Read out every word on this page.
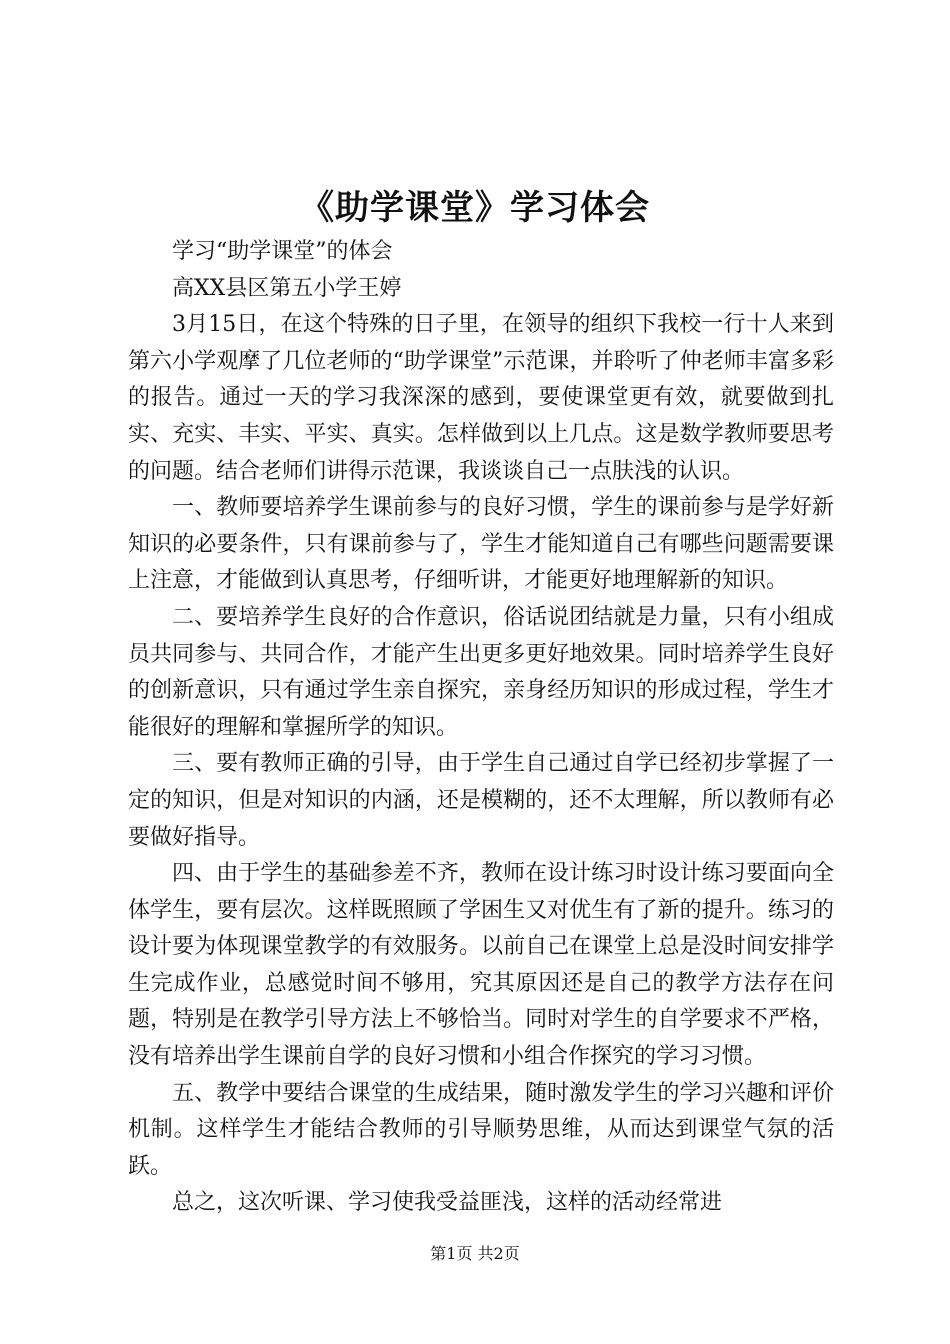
《助学课堂》学习体会

学习“助学课堂”的体会

高XX县区第五小学王婷

3月15日，在这个特殊的日子里，在领导的组织下我校一行十人来到第六小学观摩了几位老师的“助学课堂”示范课，并聆听了仲老师丰富多彩的报告。通过一天的学习我深深的感到，要使课堂更有效，就要做到扎实、充实、丰实、平实、真实。怎样做到以上几点。这是数学教师要思考的问题。结合老师们讲得示范课，我谈谈自己一点肤浅的认识。

一、教师要培养学生课前参与的良好习惯，学生的课前参与是学好新知识的必要条件，只有课前参与了，学生才能知道自己有哪些问题需要课上注意，才能做到认真思考，仔细听讲，才能更好地理解新的知识。

二、要培养学生良好的合作意识，俗话说团结就是力量，只有小组成员共同参与、共同合作，才能产生出更多更好地效果。同时培养学生良好的创新意识，只有通过学生亲自探究，亲身经历知识的形成过程，学生才能很好的理解和掌握所学的知识。

三、要有教师正确的引导，由于学生自己通过自学已经初步掌握了一定的知识，但是对知识的内涵，还是模糊的，还不太理解，所以教师有必要做好指导。

四、由于学生的基础参差不齐，教师在设计练习时设计练习要面向全体学生，要有层次。这样既照顾了学困生又对优生有了新的提升。练习的设计要为体现课堂教学的有效服务。以前自己在课堂上总是没时间安排学生完成作业，总感觉时间不够用，究其原因还是自己的教学方法存在问题，特别是在教学引导方法上不够恰当。同时对学生的自学要求不严格，没有培养出学生课前自学的良好习惯和小组合作探究的学习习惯。

五、教学中要结合课堂的生成结果，随时激发学生的学习兴趣和评价机制。这样学生才能结合教师的引导顺势思维，从而达到课堂气氛的活跃。

总之，这次听课、学习使我受益匪浅，这样的活动经常进

第1页 共2页
